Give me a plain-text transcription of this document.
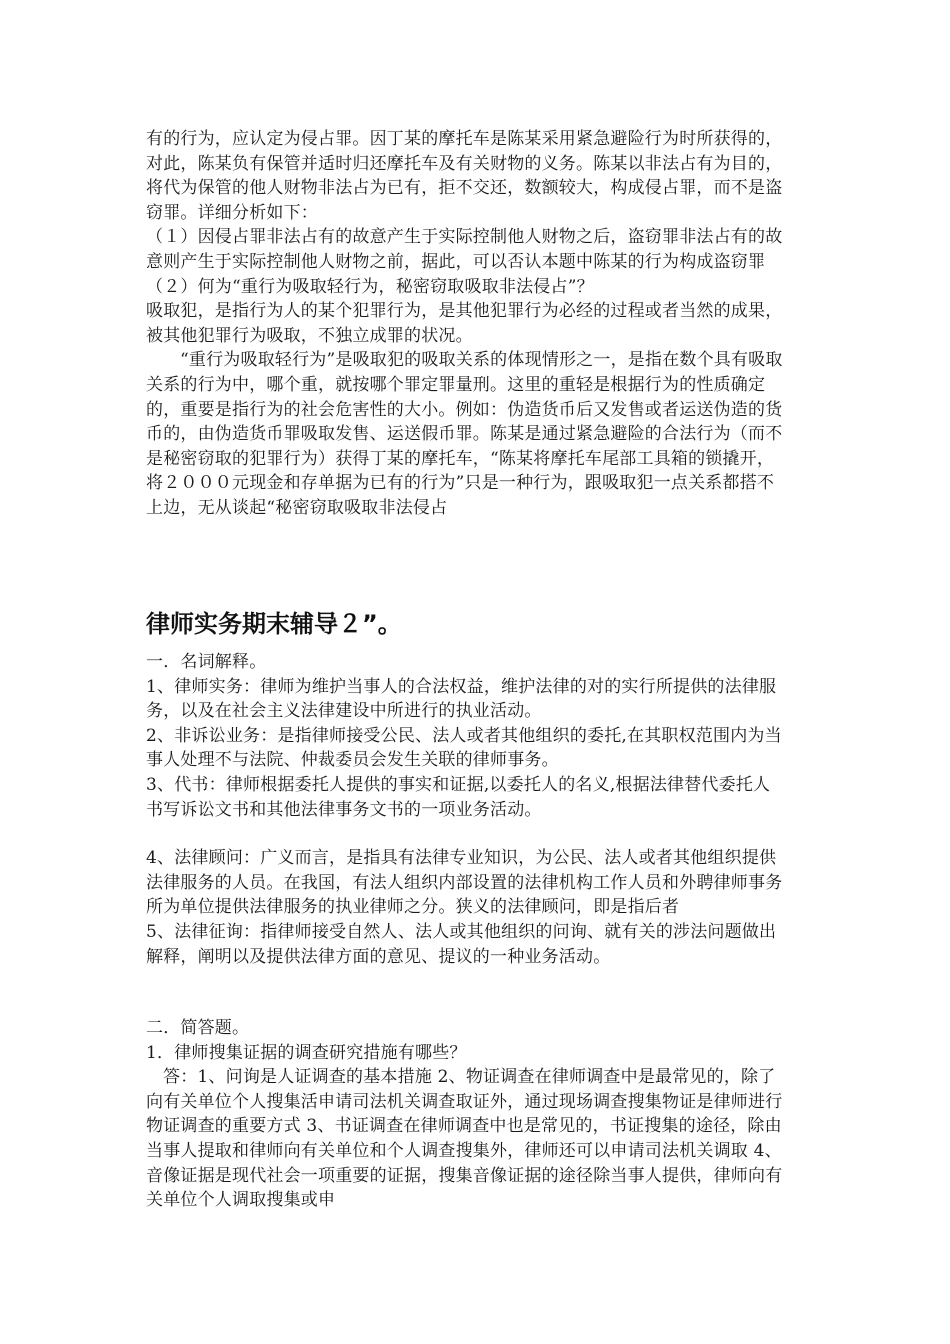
有的行为，应认定为侵占罪。因丁某的摩托车是陈某采用紧急避险行为时所获得的，对此，陈某负有保管并适时归还摩托车及有关财物的义务。陈某以非法占有为目的，将代为保管的他人财物非法占为已有，拒不交还，数额较大，构成侵占罪，而不是盗窃罪。详细分析如下：

（１）因侵占罪非法占有的故意产生于实际控制他人财物之后，盗窃罪非法占有的故意则产生于实际控制他人财物之前，据此，可以否认本题中陈某的行为构成盗窃罪

（２）何为“重行为吸取轻行为，秘密窃取吸取非法侵占”？

吸取犯，是指行为人的某个犯罪行为，是其他犯罪行为必经的过程或者当然的成果，被其他犯罪行为吸取，不独立成罪的状况。

“重行为吸取轻行为”是吸取犯的吸取关系的体现情形之一，是指在数个具有吸取关系的行为中，哪个重，就按哪个罪定罪量刑。这里的重轻是根据行为的性质确定的，重要是指行为的社会危害性的大小。例如：伪造货币后又发售或者运送伪造的货币的，由伪造货币罪吸取发售、运送假币罪。陈某是通过紧急避险的合法行为（而不是秘密窃取的犯罪行为）获得丁某的摩托车，“陈某将摩托车尾部工具箱的锁撬开，将２０００元现金和存单据为已有的行为”只是一种行为，跟吸取犯一点关系都搭不上边，无从谈起“秘密窃取吸取非法侵占

律师实务期末辅导２”。

一．名词解释。

1、律师实务：律师为维护当事人的合法权益，维护法律的对的实行所提供的法律服务，以及在社会主义法律建设中所进行的执业活动。

2、非诉讼业务：是指律师接受公民、法人或者其他组织的委托,在其职权范围内为当事人处理不与法院、仲裁委员会发生关联的律师事务。

3、代书：律师根据委托人提供的事实和证据,以委托人的名义,根据法律替代委托人书写诉讼文书和其他法律事务文书的一项业务活动。

4、法律顾问：广义而言，是指具有法律专业知识，为公民、法人或者其他组织提供法律服务的人员。在我国，有法人组织内部设置的法律机构工作人员和外聘律师事务所为单位提供法律服务的执业律师之分。狭义的法律顾问，即是指后者

5、法律征询：指律师接受自然人、法人或其他组织的问询、就有关的涉法问题做出解释，阐明以及提供法律方面的意见、提议的一种业务活动。

二．简答题。

1．律师搜集证据的调查研究措施有哪些？

答：1、问询是人证调查的基本措施 2、物证调查在律师调查中是最常见的，除了向有关单位个人搜集活申请司法机关调查取证外，通过现场调查搜集物证是律师进行物证调查的重要方式 3、书证调查在律师调查中也是常见的，书证搜集的途径，除由当事人提取和律师向有关单位和个人调查搜集外，律师还可以申请司法机关调取 4、音像证据是现代社会一项重要的证据，搜集音像证据的途径除当事人提供，律师向有关单位个人调取搜集或申
